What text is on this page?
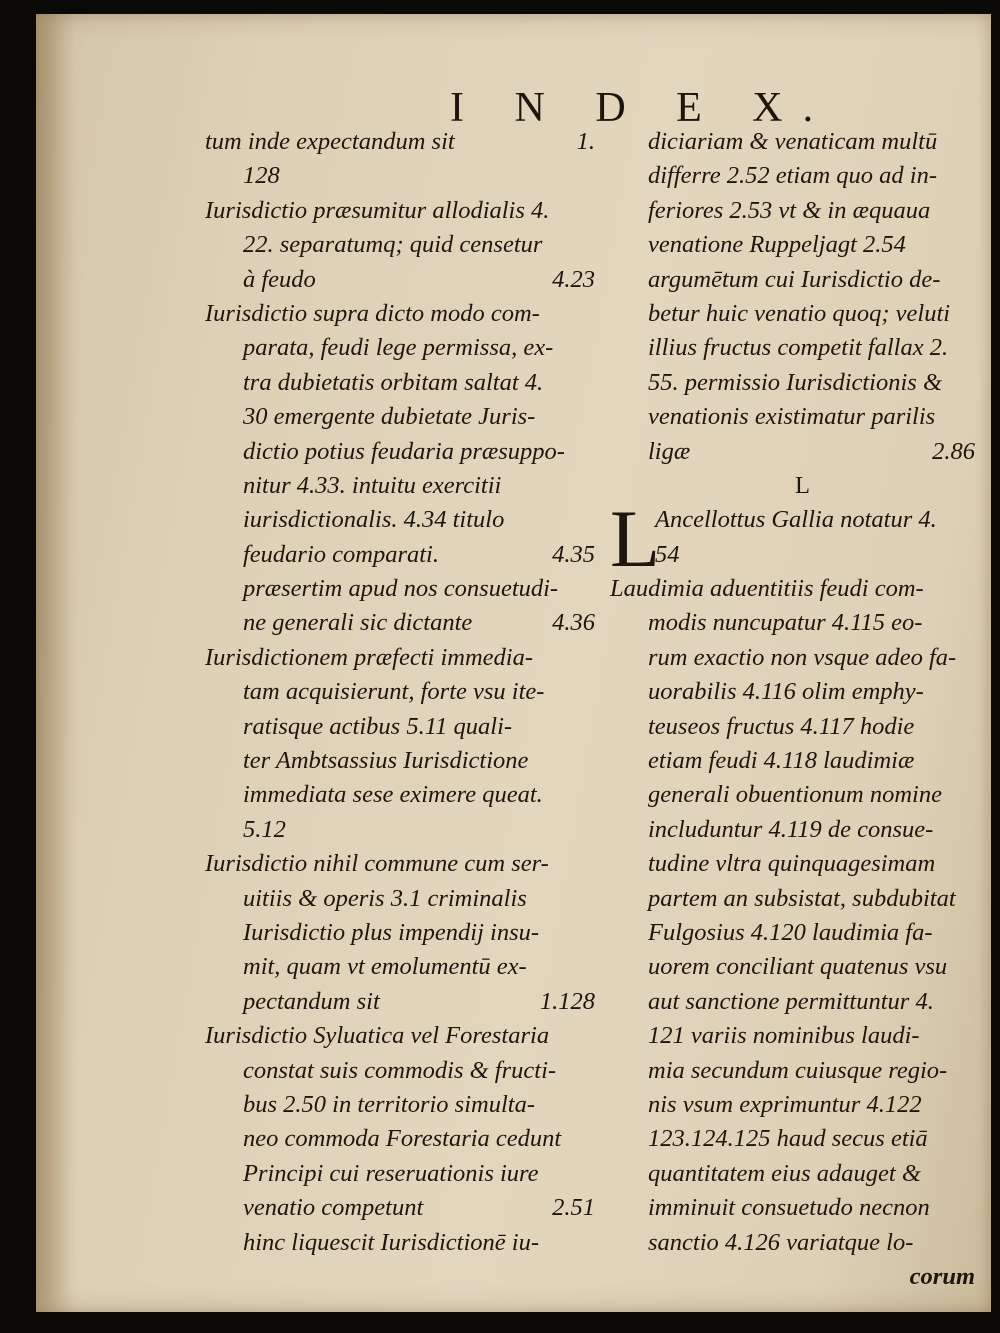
I N D E X.
tum inde expectandum sit	1.
128
Iurisdictio præsumitur allodialis 4.
22. separatumq; quid censetur
à feudo	4.23
Iurisdictio supra dicto modo com-
parata, feudi lege permissa, ex-
tra dubietatis orbitam saltat 4.
30 emergente dubietate Juris-
dictio potius feudaria præsuppo-
nitur 4.33. intuitu exercitii
iurisdictionalis. 4.34 titulo
feudario comparati.	4.35
præsertim apud nos consuetudi-
ne generali sic dictante	4.36
Iurisdictionem præfecti immedia-
tam acquisierunt, forte vsu ite-
ratisque actibus 5.11 quali-
ter Ambtsassius Iurisdictione
immediata sese eximere queat.
5.12
Iurisdictio nihil commune cum ser-
uitiis & operis 3.1 criminalis
Iurisdictio plus impendij insu-
mit, quam vt emolumentū ex-
pectandum sit	1.128
Iurisdictio Syluatica vel Forestaria
constat suis commodis & fructi-
bus 2.50 in territorio simulta-
neo commoda Forestaria cedunt
Principi cui reseruationis iure
venatio competunt	2.51
hinc liquescit Iurisdictionē iu-
diciariam & venaticam multū
differre 2.52 etiam quo ad in-
feriores 2.53 vt & in æquaua
venatione Ruppeljagt 2.54
argumētum cui Iurisdictio de-
betur huic venatio quoq; veluti
illius fructus competit fallax 2.
55. permissio Iurisdictionis &
venationis existimatur parilis
ligæ	2.86
L
L
Ancellottus Gallia notatur 4.
54
Laudimia aduentitiis feudi com-
modis nuncupatur 4.115 eo-
rum exactio non vsque adeo fa-
uorabilis 4.116 olim emphy-
teuseos fructus 4.117 hodie
etiam feudi 4.118 laudimiæ
generali obuentionum nomine
includuntur 4.119 de consue-
tudine vltra quinquagesimam
partem an subsistat, subdubitat
Fulgosius 4.120 laudimia fa-
uorem conciliant quatenus vsu
aut sanctione permittuntur 4.
121 variis nominibus laudi-
mia secundum cuiusque regio-
nis vsum exprimuntur 4.122
123.124.125 haud secus etiā
quantitatem eius adauget &
imminuit consuetudo necnon
sanctio 4.126 variatque lo-
corum
